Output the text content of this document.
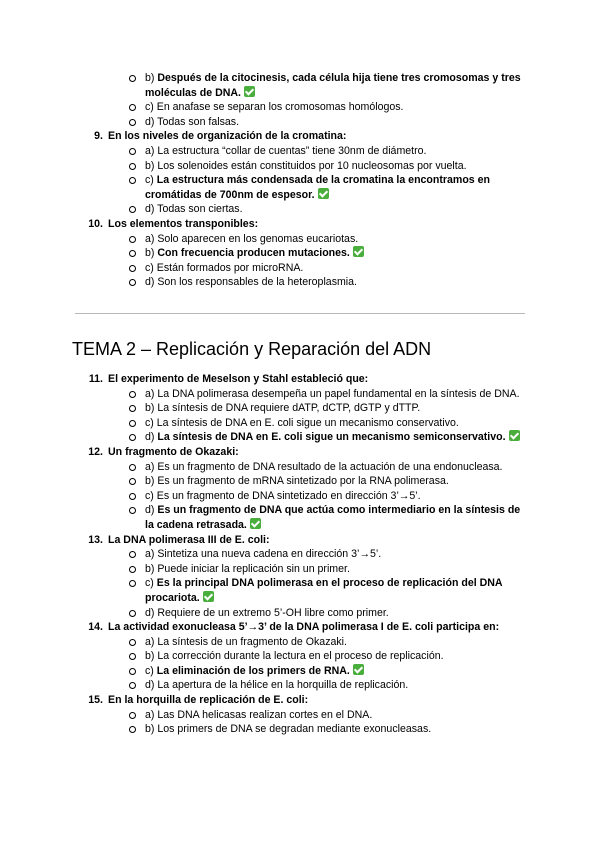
b) Después de la citocinesis, cada célula hija tiene tres cromosomas y tres moléculas de DNA.
c) En anafase se separan los cromosomas homólogos.
d) Todas son falsas.
9. En los niveles de organización de la cromatina:
a) La estructura “collar de cuentas” tiene 30nm de diámetro.
b) Los solenoides están constituidos por 10 nucleosomas por vuelta.
c) La estructura más condensada de la cromatina la encontramos en cromátidas de 700nm de espesor.
d) Todas son ciertas.
10. Los elementos transponibles:
a) Solo aparecen en los genomas eucariotas.
b) Con frecuencia producen mutaciones.
c) Están formados por microRNA.
d) Son los responsables de la heteroplasmia.
TEMA 2 – Replicación y Reparación del ADN
11. El experimento de Meselson y Stahl estableció que:
a) La DNA polimerasa desempeña un papel fundamental en la síntesis de DNA.
b) La síntesis de DNA requiere dATP, dCTP, dGTP y dTTP.
c) La síntesis de DNA en E. coli sigue un mecanismo conservativo.
d) La síntesis de DNA en E. coli sigue un mecanismo semiconservativo.
12. Un fragmento de Okazaki:
a) Es un fragmento de DNA resultado de la actuación de una endonucleasa.
b) Es un fragmento de mRNA sintetizado por la RNA polimerasa.
c) Es un fragmento de DNA sintetizado en dirección 3’→5’.
d) Es un fragmento de DNA que actúa como intermediario en la síntesis de la cadena retrasada.
13. La DNA polimerasa III de E. coli:
a) Sintetiza una nueva cadena en dirección 3’→5’.
b) Puede iniciar la replicación sin un primer.
c) Es la principal DNA polimerasa en el proceso de replicación del DNA procariota.
d) Requiere de un extremo 5’-OH libre como primer.
14. La actividad exonucleasa 5’→3’ de la DNA polimerasa I de E. coli participa en:
a) La síntesis de un fragmento de Okazaki.
b) La corrección durante la lectura en el proceso de replicación.
c) La eliminación de los primers de RNA.
d) La apertura de la hélice en la horquilla de replicación.
15. En la horquilla de replicación de E. coli:
a) Las DNA helicasas realizan cortes en el DNA.
b) Los primers de DNA se degradan mediante exonucleasas.
